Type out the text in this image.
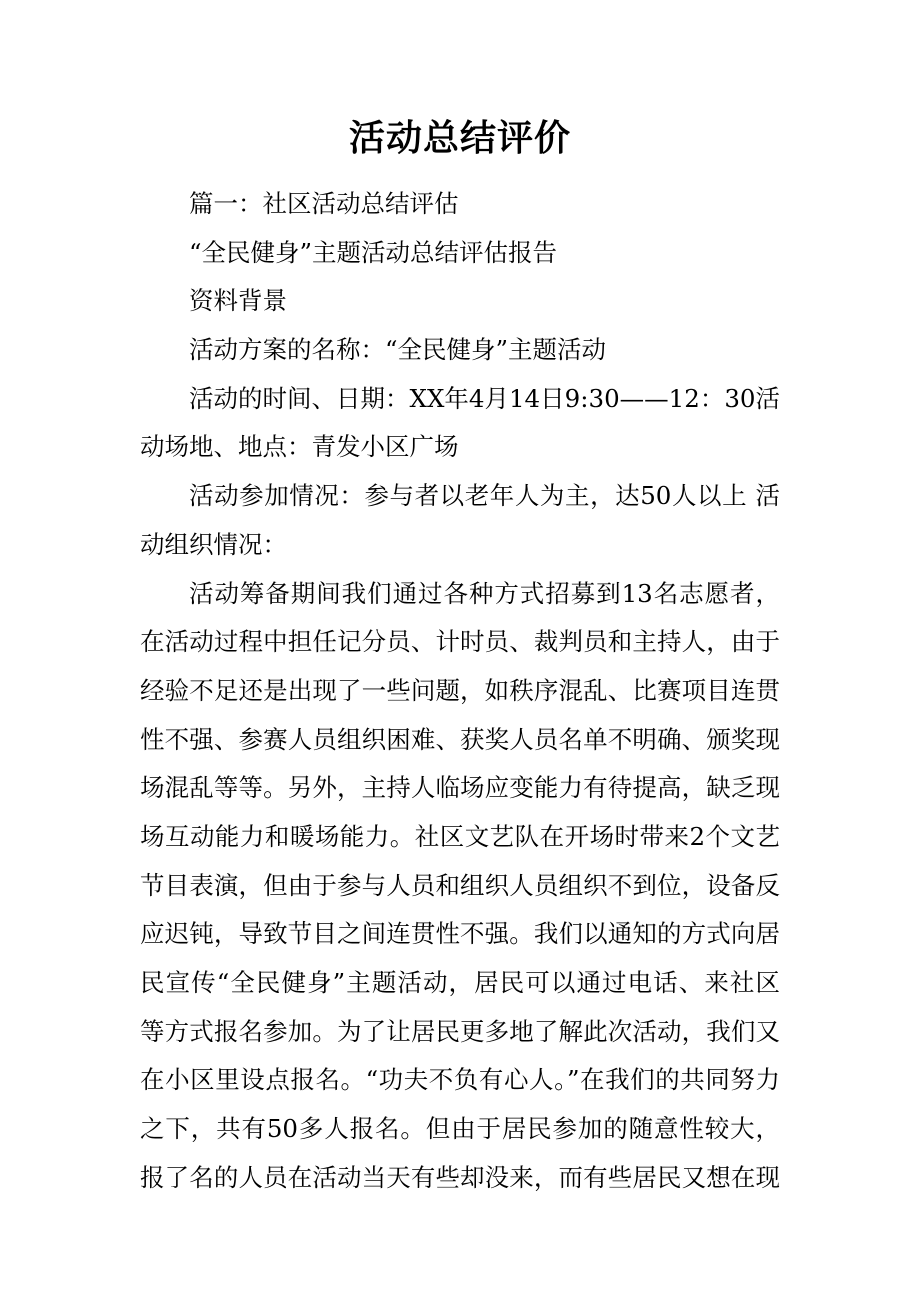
活动总结评价
篇一：社区活动总结评估
“全民健身”主题活动总结评估报告
资料背景
活动方案的名称：“全民健身”主题活动
活动的时间、日期：XX年4月14日9:30——12：30活
动场地、地点：青发小区广场
活动参加情况：参与者以老年人为主，达50人以上 活
动组织情况：
活动筹备期间我们通过各种方式招募到13名志愿者，
在活动过程中担任记分员、计时员、裁判员和主持人，由于
经验不足还是出现了一些问题，如秩序混乱、比赛项目连贯
性不强、参赛人员组织困难、获奖人员名单不明确、颁奖现
场混乱等等。另外，主持人临场应变能力有待提高，缺乏现
场互动能力和暖场能力。社区文艺队在开场时带来2个文艺
节目表演，但由于参与人员和组织人员组织不到位，设备反
应迟钝，导致节目之间连贯性不强。我们以通知的方式向居
民宣传“全民健身”主题活动，居民可以通过电话、来社区
等方式报名参加。为了让居民更多地了解此次活动，我们又
在小区里设点报名。“功夫不负有心人。”在我们的共同努力
之下，共有50多人报名。但由于居民参加的随意性较大，
报了名的人员在活动当天有些却没来，而有些居民又想在现
